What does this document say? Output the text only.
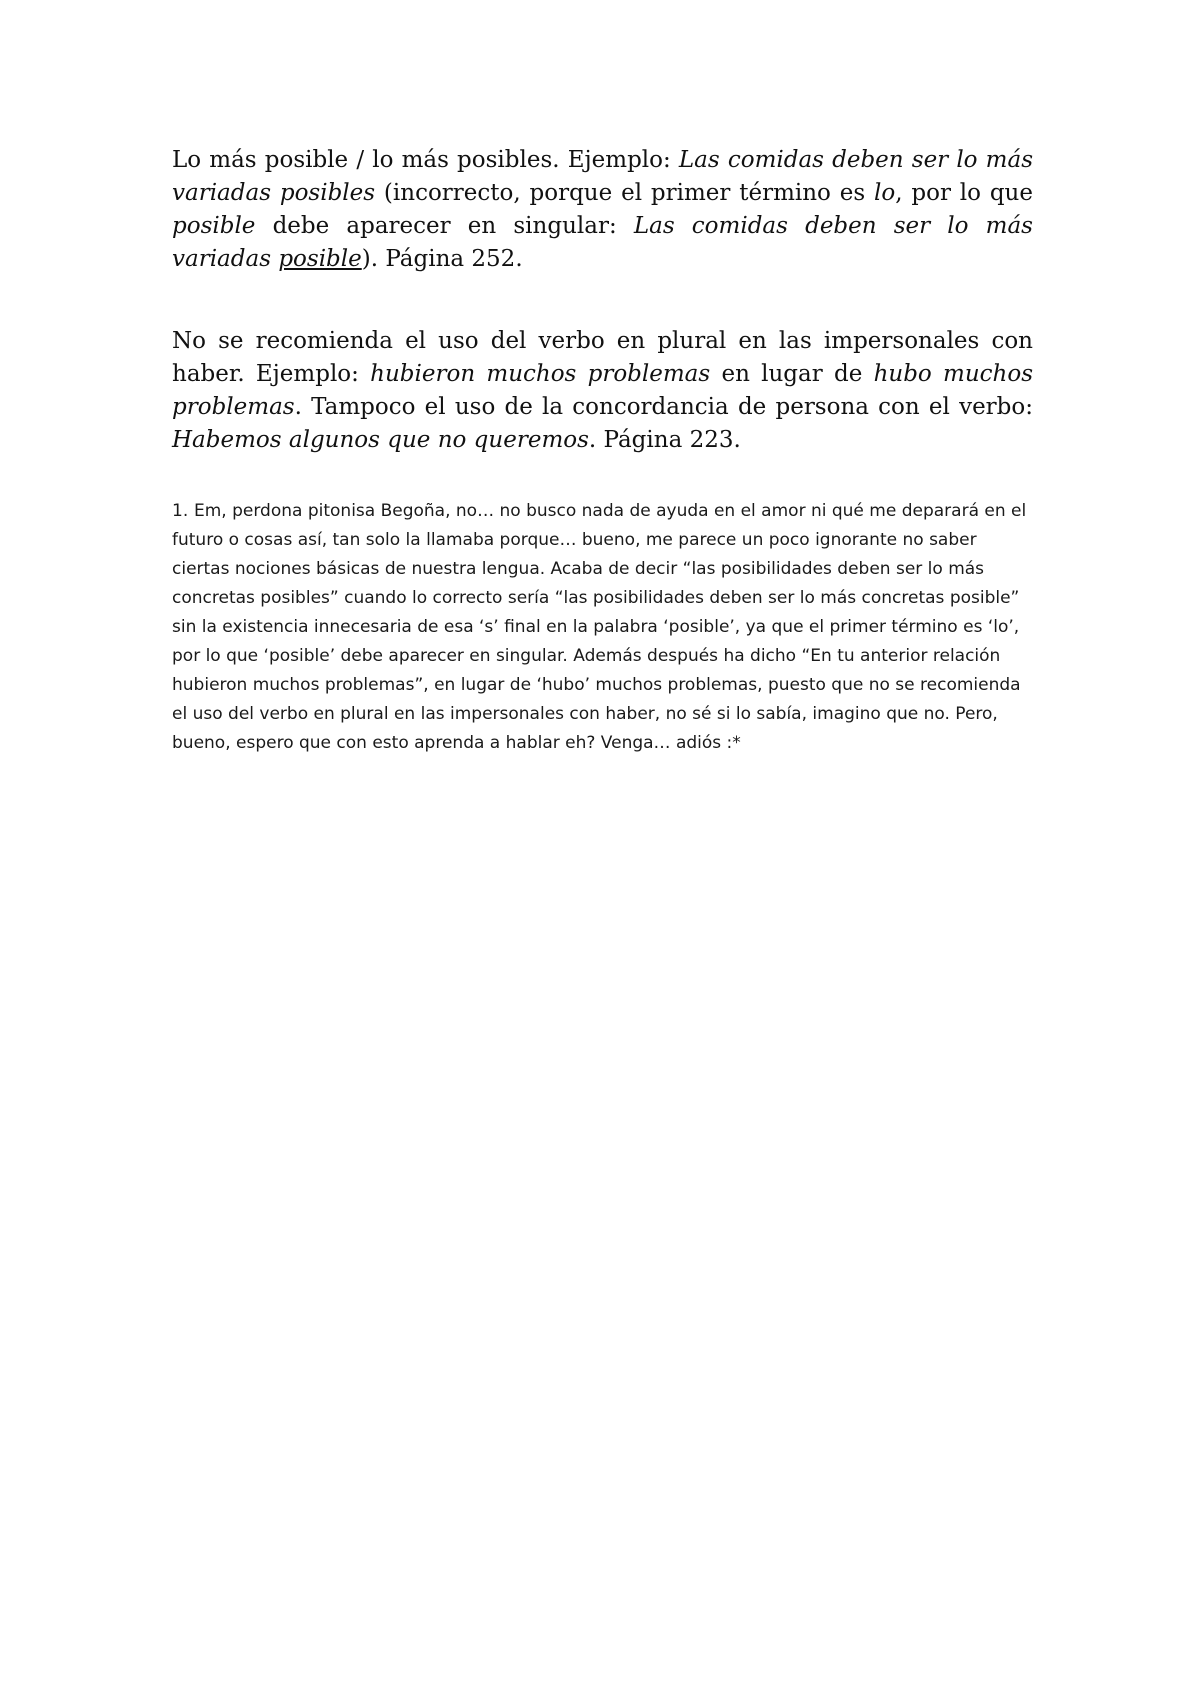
Lo más posible / lo más posibles. Ejemplo: Las comidas deben ser lo más variadas posibles (incorrecto, porque el primer término es lo, por lo que posible debe aparecer en singular: Las comidas deben ser lo más variadas posible). Página 252.

No se recomienda el uso del verbo en plural en las impersonales con haber. Ejemplo: hubieron muchos problemas en lugar de hubo muchos problemas. Tampoco el uso de la concordancia de persona con el verbo: Habemos algunos que no queremos. Página 223.

1. Em, perdona pitonisa Begoña, no… no busco nada de ayuda en el amor ni qué me deparará en el futuro o cosas así, tan solo la llamaba porque… bueno, me parece un poco ignorante no saber ciertas nociones básicas de nuestra lengua. Acaba de decir “las posibilidades deben ser lo más concretas posibles” cuando lo correcto sería “las posibilidades deben ser lo más concretas posible” sin la existencia innecesaria de esa ‘s’ final en la palabra ‘posible’, ya que el primer término es ‘lo’, por lo que ‘posible’ debe aparecer en singular. Además después ha dicho “En tu anterior relación hubieron muchos problemas”, en lugar de ‘hubo’ muchos problemas, puesto que no se recomienda el uso del verbo en plural en las impersonales con haber, no sé si lo sabía, imagino que no. Pero, bueno, espero que con esto aprenda a hablar eh? Venga… adiós :*
